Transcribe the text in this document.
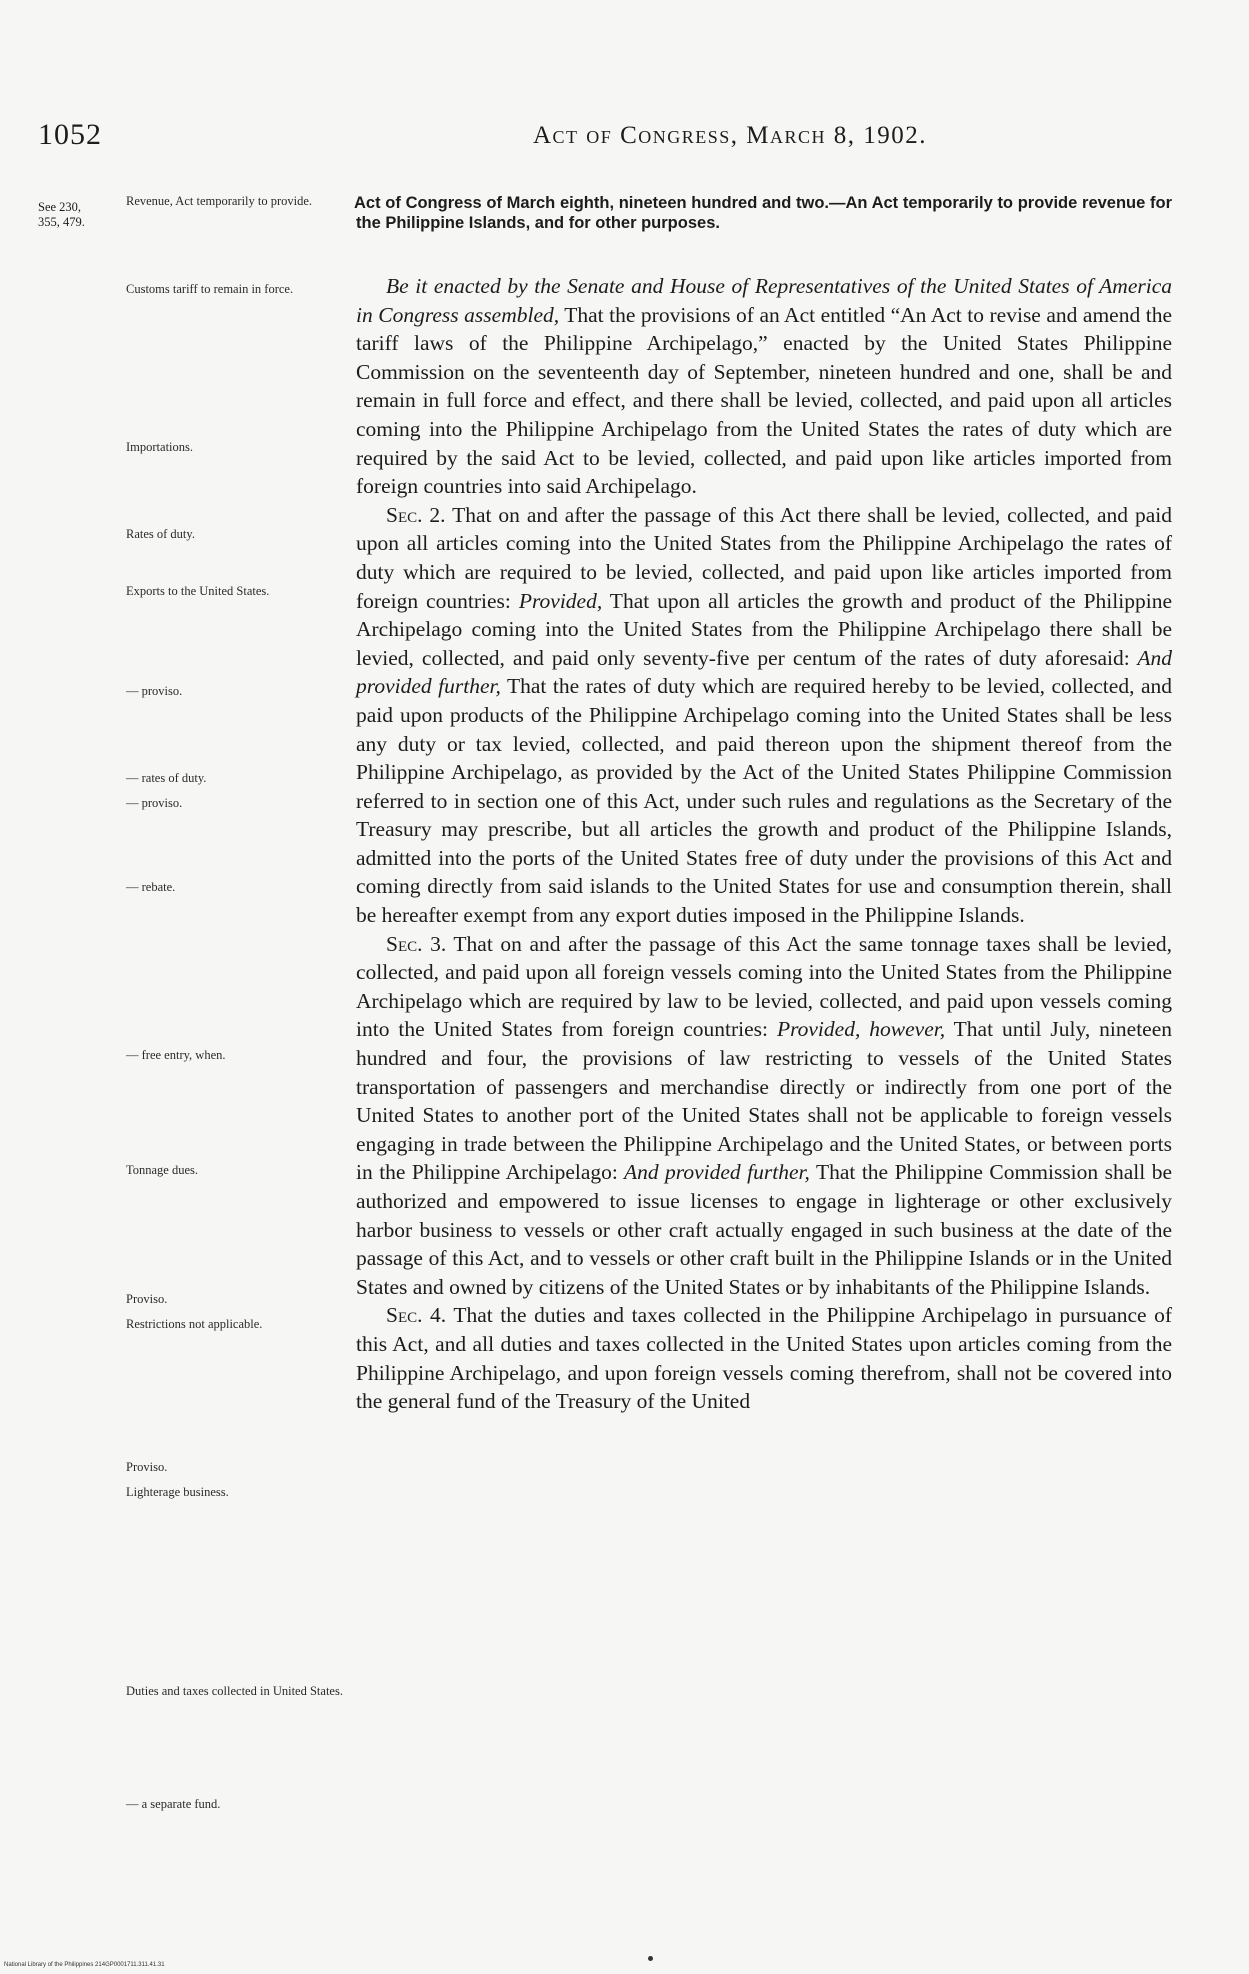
1052	Act of Congress, March 8, 1902.
See 230,
355, 479.
Revenue, Act temporarily to provide.
Customs tariff to remain in force.
Importations.
Rates of duty.
Exports to the United States.
— proviso.
— rates of duty.
— proviso.
— rebate.
— free entry, when.
Tonnage dues.
Proviso.
Restrictions not applicable.
Proviso.
Lighterage business.
Duties and taxes collected in United States.
— a separate fund.
Act of Congress of March eighth, nineteen hundred and two.—An Act temporarily to provide revenue for the Philippine Islands, and for other purposes.

Be it enacted by the Senate and House of Representatives of the United States of America in Congress assembled, That the provisions of an Act entitled “An Act to revise and amend the tariff laws of the Philippine Archipelago,” enacted by the United States Philippine Commission on the seventeenth day of September, nineteen hundred and one, shall be and remain in full force and effect, and there shall be levied, collected, and paid upon all articles coming into the Philippine Archipelago from the United States the rates of duty which are required by the said Act to be levied, collected, and paid upon like articles imported from foreign countries into said Archipelago.

Sec. 2. That on and after the passage of this Act there shall be levied, collected, and paid upon all articles coming into the United States from the Philippine Archipelago the rates of duty which are required to be levied, collected, and paid upon like articles imported from foreign countries: Provided, That upon all articles the growth and product of the Philippine Archipelago coming into the United States from the Philippine Archipelago there shall be levied, collected, and paid only seventy-five per centum of the rates of duty aforesaid: And provided further, That the rates of duty which are required hereby to be levied, collected, and paid upon products of the Philippine Archipelago coming into the United States shall be less any duty or tax levied, collected, and paid thereon upon the shipment thereof from the Philippine Archipelago, as provided by the Act of the United States Philippine Commission referred to in section one of this Act, under such rules and regulations as the Secretary of the Treasury may prescribe, but all articles the growth and product of the Philippine Islands, admitted into the ports of the United States free of duty under the provisions of this Act and coming directly from said islands to the United States for use and consumption therein, shall be hereafter exempt from any export duties imposed in the Philippine Islands.

Sec. 3. That on and after the passage of this Act the same tonnage taxes shall be levied, collected, and paid upon all foreign vessels coming into the United States from the Philippine Archipelago which are required by law to be levied, collected, and paid upon vessels coming into the United States from foreign countries: Provided, however, That until July, nineteen hundred and four, the provisions of law restricting to vessels of the United States transportation of passengers and merchandise directly or indirectly from one port of the United States to another port of the United States shall not be applicable to foreign vessels engaging in trade between the Philippine Archipelago and the United States, or between ports in the Philippine Archipelago: And provided further, That the Philippine Commission shall be authorized and empowered to issue licenses to engage in lighterage or other exclusively harbor business to vessels or other craft actually engaged in such business at the date of the passage of this Act, and to vessels or other craft built in the Philippine Islands or in the United States and owned by citizens of the United States or by inhabitants of the Philippine Islands.

Sec. 4. That the duties and taxes collected in the Philippine Archipelago in pursuance of this Act, and all duties and taxes collected in the United States upon articles coming from the Philippine Archipelago, and upon foreign vessels coming therefrom, shall not be covered into the general fund of the Treasury of the United

National Library of the Philippines 214GP0001711.311.41.31
